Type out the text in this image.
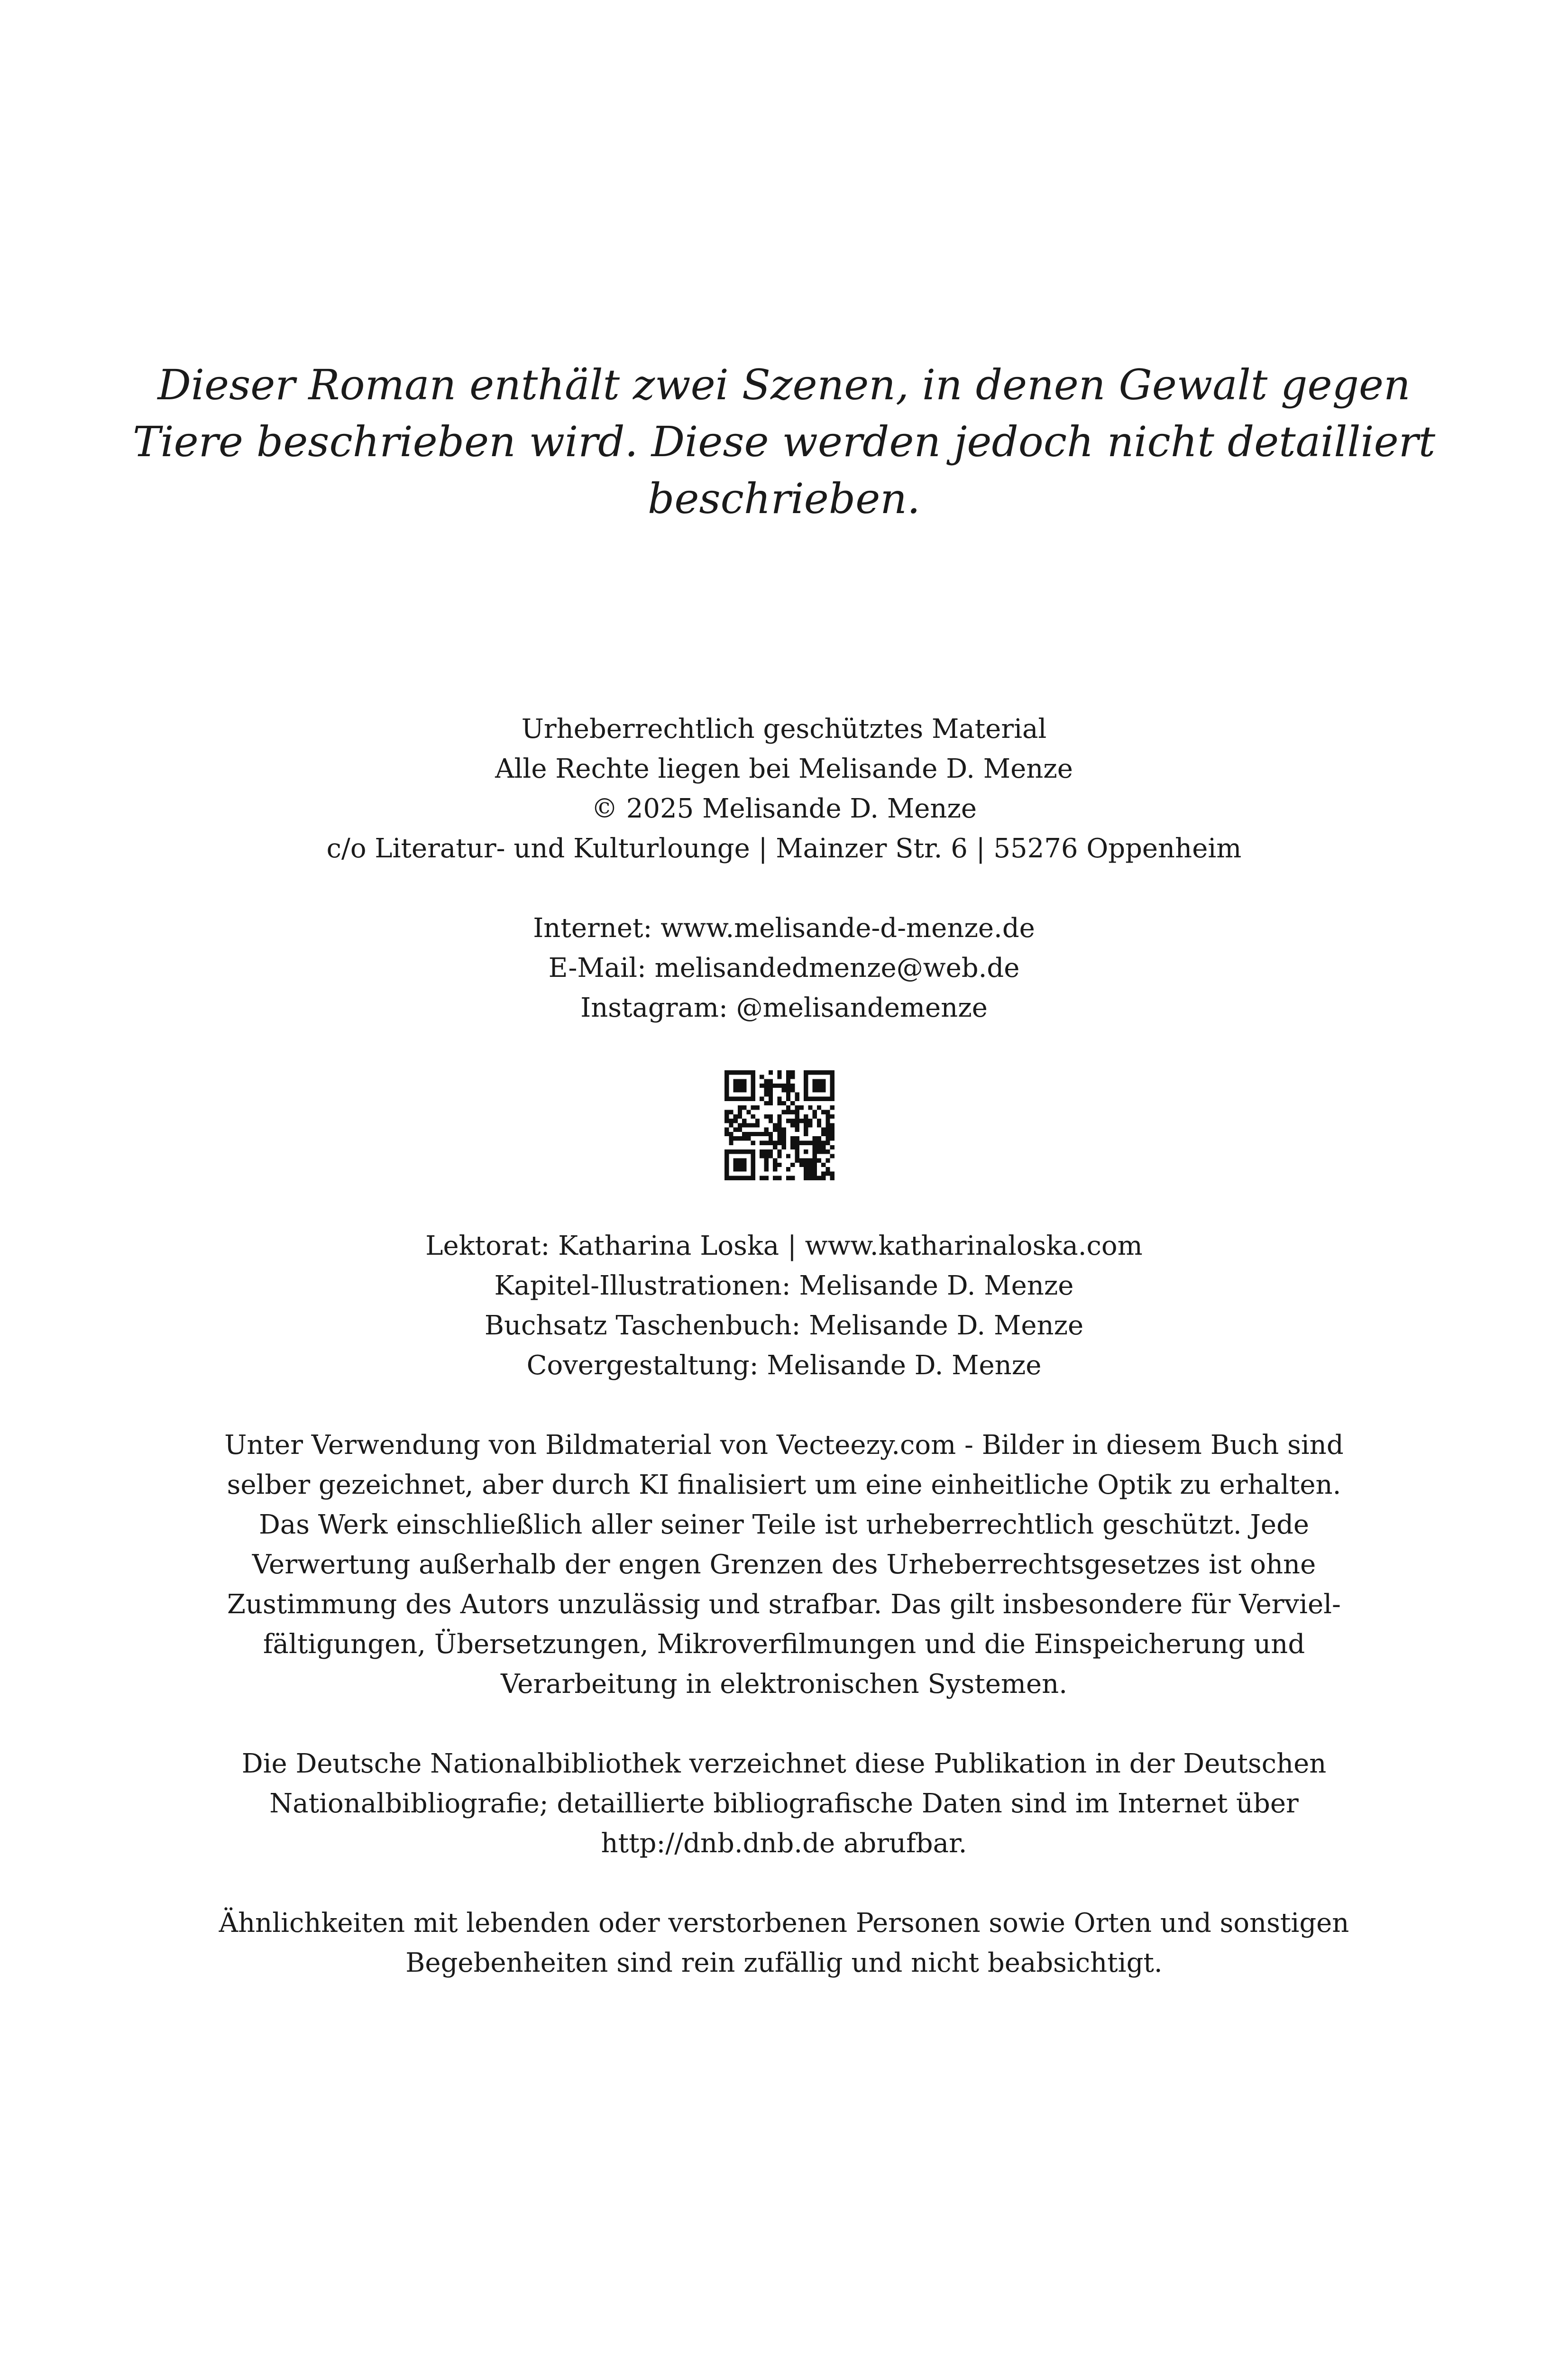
Dieser Roman enthält zwei Szenen, in denen Gewalt gegen
Tiere beschrieben wird. Diese werden jedoch nicht detailliert
beschrieben.
Urheberrechtlich geschütztes Material
Alle Rechte liegen bei Melisande D. Menze
© 2025 Melisande D. Menze
c/o Literatur- und Kulturlounge | Mainzer Str. 6 | 55276 Oppenheim
Internet: www.melisande-d-menze.de
E-Mail: melisandedmenze@web.de
Instagram: @melisandemenze
Lektorat: Katharina Loska | www.katharinaloska.com
Kapitel-Illustrationen: Melisande D. Menze
Buchsatz Taschenbuch: Melisande D. Menze
Covergestaltung: Melisande D. Menze
Unter Verwendung von Bildmaterial von Vecteezy.com - Bilder in diesem Buch sind
selber gezeichnet, aber durch KI finalisiert um eine einheitliche Optik zu erhalten.
Das Werk einschließlich aller seiner Teile ist urheberrechtlich geschützt. Jede
Verwertung außerhalb der engen Grenzen des Urheberrechtsgesetzes ist ohne
Zustimmung des Autors unzulässig und strafbar. Das gilt insbesondere für Verviel-
fältigungen, Übersetzungen, Mikroverfilmungen und die Einspeicherung und
Verarbeitung in elektronischen Systemen.
Die Deutsche Nationalbibliothek verzeichnet diese Publikation in der Deutschen
Nationalbibliografie; detaillierte bibliografische Daten sind im Internet über
http://dnb.dnb.de abrufbar.
Ähnlichkeiten mit lebenden oder verstorbenen Personen sowie Orten und sonstigen
Begebenheiten sind rein zufällig und nicht beabsichtigt.
